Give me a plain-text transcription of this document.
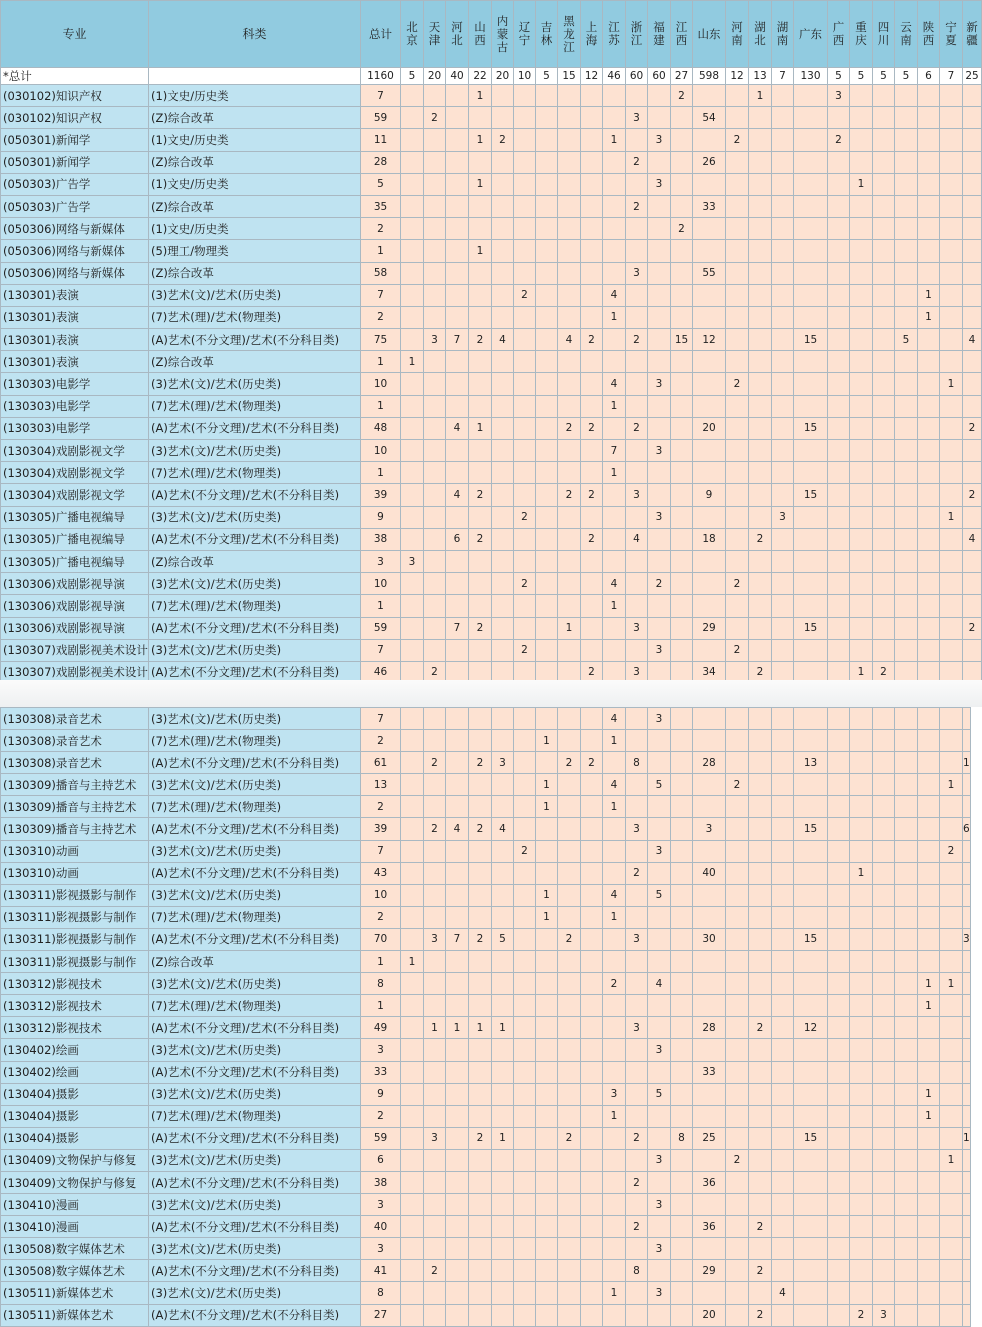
专业	科类	总计	北京	天津	河北	山西	内蒙古	辽宁	吉林	黑龙江	上海	江苏	浙江	福建	江西	山东	河南	湖北	湖南	广东	广西	重庆	四川	云南	陕西	宁夏	新疆
*总计		1160	5	20	40	22	20	10	5	15	12	46	60	60	27	598	12	13	7	130	5	5	5	5	6	7	25
(030102)知识产权	(1)文史/历史类	7				1									2			1			3						
(030102)知识产权	(Z)综合改革	59		2									3			54											
(050301)新闻学	(1)文史/历史类	11				1	2					1		3			2				2						
(050301)新闻学	(Z)综合改革	28											2			26											
(050303)广告学	(1)文史/历史类	5				1								3								1					
(050303)广告学	(Z)综合改革	35											2			33											
(050306)网络与新媒体	(1)文史/历史类	2													2												
(050306)网络与新媒体	(5)理工/物理类	1				1																					
(050306)网络与新媒体	(Z)综合改革	58											3			55											
(130301)表演	(3)艺术(文)/艺术(历史类)	7						2				4													1		
(130301)表演	(7)艺术(理)/艺术(物理类)	2										1													1		
(130301)表演	(A)艺术(不分文理)/艺术(不分科目类)	75		3	7	2	4			4	2		2		15	12				15				5			4
(130301)表演	(Z)综合改革	1	1																								
(130303)电影学	(3)艺术(文)/艺术(历史类)	10										4		3			2									1	
(130303)电影学	(7)艺术(理)/艺术(物理类)	1										1															
(130303)电影学	(A)艺术(不分文理)/艺术(不分科目类)	48			4	1				2	2		2			20				15							2
(130304)戏剧影视文学	(3)艺术(文)/艺术(历史类)	10										7		3													
(130304)戏剧影视文学	(7)艺术(理)/艺术(物理类)	1										1															
(130304)戏剧影视文学	(A)艺术(不分文理)/艺术(不分科目类)	39			4	2				2	2		3			9				15							2
(130305)广播电视编导	(3)艺术(文)/艺术(历史类)	9						2						3					3							1	
(130305)广播电视编导	(A)艺术(不分文理)/艺术(不分科目类)	38			6	2					2		4			18		2									4
(130305)广播电视编导	(Z)综合改革	3	3																								
(130306)戏剧影视导演	(3)艺术(文)/艺术(历史类)	10						2				4		2			2										
(130306)戏剧影视导演	(7)艺术(理)/艺术(物理类)	1										1															
(130306)戏剧影视导演	(A)艺术(不分文理)/艺术(不分科目类)	59			7	2				1			3			29				15							2
(130307)戏剧影视美术设计	(3)艺术(文)/艺术(历史类)	7						2						3			2										
(130307)戏剧影视美术设计	(A)艺术(不分文理)/艺术(不分科目类)	46		2							2		3			34		2				1	2				
(130308)录音艺术	(3)艺术(文)/艺术(历史类)	7										4		3													
(130308)录音艺术	(7)艺术(理)/艺术(物理类)	2							1			1															
(130308)录音艺术	(A)艺术(不分文理)/艺术(不分科目类)	61		2		2	3			2	2		8			28				13							1
(130309)播音与主持艺术	(3)艺术(文)/艺术(历史类)	13							1			4		5			2									1	
(130309)播音与主持艺术	(7)艺术(理)/艺术(物理类)	2							1			1															
(130309)播音与主持艺术	(A)艺术(不分文理)/艺术(不分科目类)	39		2	4	2	4						3			3				15							6
(130310)动画	(3)艺术(文)/艺术(历史类)	7						2						3												2	
(130310)动画	(A)艺术(不分文理)/艺术(不分科目类)	43											2			40						1					
(130311)影视摄影与制作	(3)艺术(文)/艺术(历史类)	10							1			4		5													
(130311)影视摄影与制作	(7)艺术(理)/艺术(物理类)	2							1			1															
(130311)影视摄影与制作	(A)艺术(不分文理)/艺术(不分科目类)	70		3	7	2	5			2			3			30				15							3
(130311)影视摄影与制作	(Z)综合改革	1	1																								
(130312)影视技术	(3)艺术(文)/艺术(历史类)	8										2		4											1	1	
(130312)影视技术	(7)艺术(理)/艺术(物理类)	1																							1		
(130312)影视技术	(A)艺术(不分文理)/艺术(不分科目类)	49		1	1	1	1						3			28		2		12							
(130402)绘画	(3)艺术(文)/艺术(历史类)	3												3													
(130402)绘画	(A)艺术(不分文理)/艺术(不分科目类)	33														33											
(130404)摄影	(3)艺术(文)/艺术(历史类)	9										3		5											1		
(130404)摄影	(7)艺术(理)/艺术(物理类)	2										1													1		
(130404)摄影	(A)艺术(不分文理)/艺术(不分科目类)	59		3		2	1			2			2		8	25				15							1
(130409)文物保护与修复	(3)艺术(文)/艺术(历史类)	6												3			2									1	
(130409)文物保护与修复	(A)艺术(不分文理)/艺术(不分科目类)	38											2			36											
(130410)漫画	(3)艺术(文)/艺术(历史类)	3												3													
(130410)漫画	(A)艺术(不分文理)/艺术(不分科目类)	40											2			36		2									
(130508)数字媒体艺术	(3)艺术(文)/艺术(历史类)	3												3													
(130508)数字媒体艺术	(A)艺术(不分文理)/艺术(不分科目类)	41		2									8			29		2									
(130511)新媒体艺术	(3)艺术(文)/艺术(历史类)	8										1		3					4								
(130511)新媒体艺术	(A)艺术(不分文理)/艺术(不分科目类)	27														20		2				2	3				
